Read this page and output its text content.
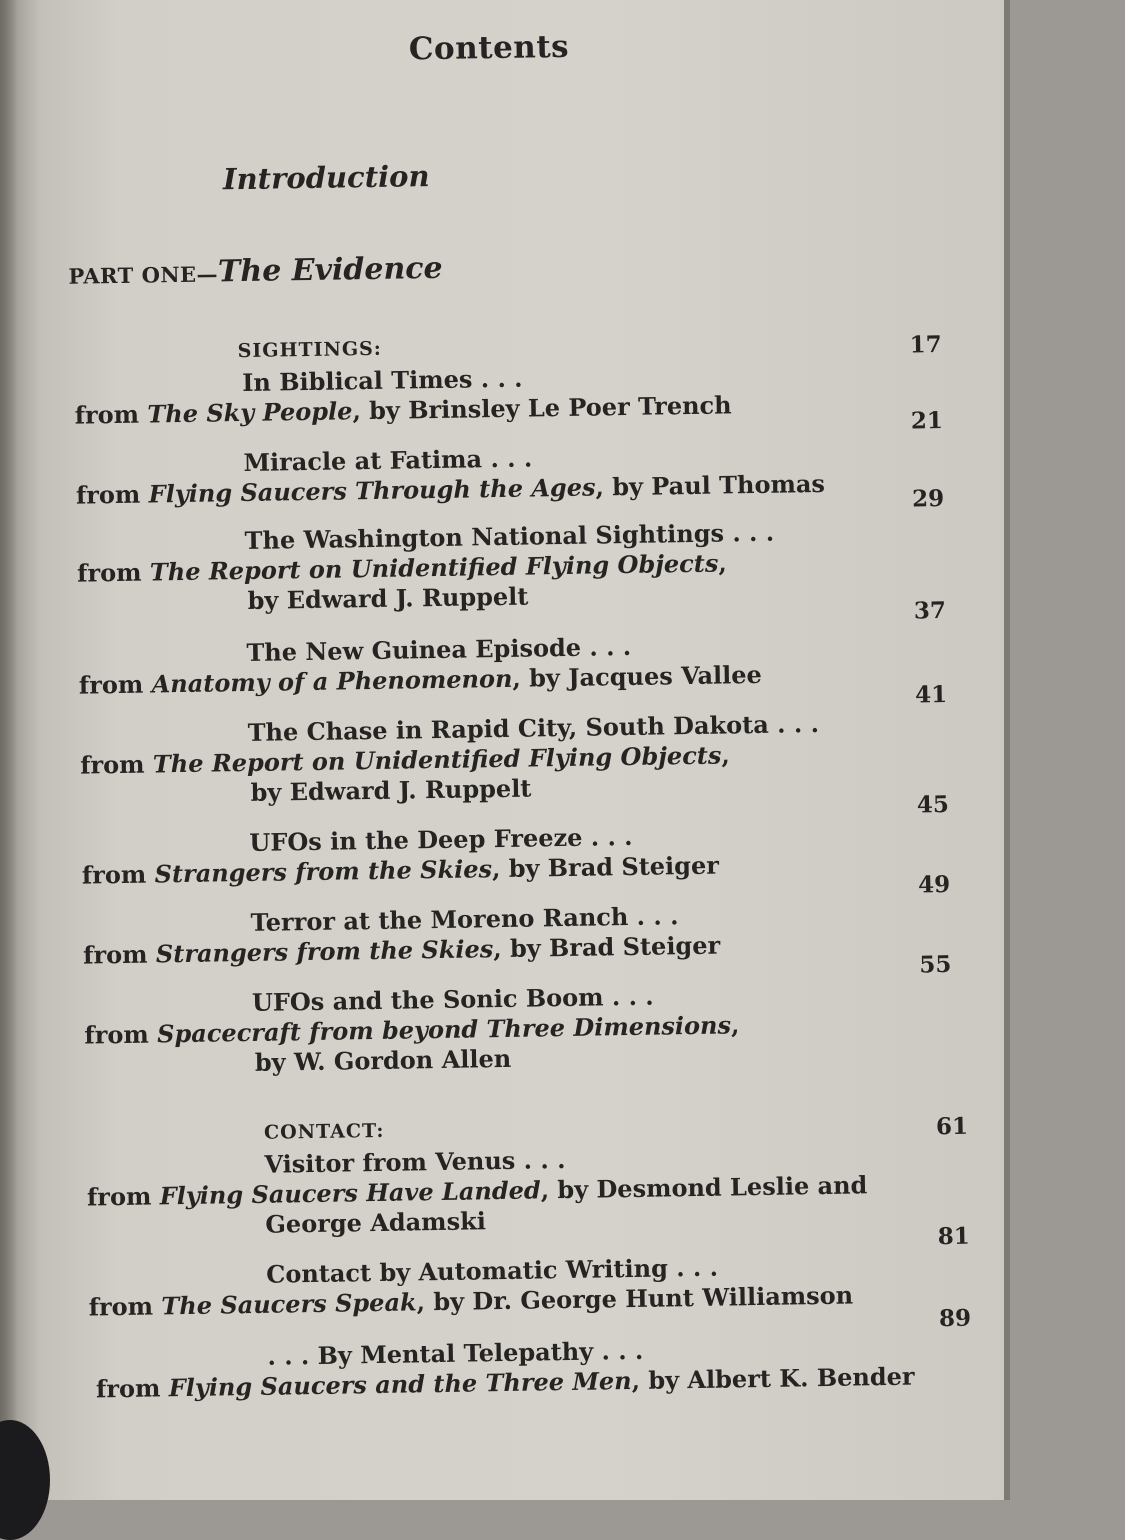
Contents
Introduction
PART ONE—The Evidence
SIGHTINGS:
In Biblical Times . . .
from The Sky People, by Brinsley Le Poer Trench
17
Miracle at Fatima . . .
from Flying Saucers Through the Ages, by Paul Thomas
21
The Washington National Sightings . . .
from The Report on Unidentified Flying Objects,
by Edward J. Ruppelt
29
The New Guinea Episode . . .
from Anatomy of a Phenomenon, by Jacques Vallee
37
The Chase in Rapid City, South Dakota . . .
from The Report on Unidentified Flying Objects,
by Edward J. Ruppelt
41
UFOs in the Deep Freeze . . .
from Strangers from the Skies, by Brad Steiger
45
Terror at the Moreno Ranch . . .
from Strangers from the Skies, by Brad Steiger
49
UFOs and the Sonic Boom . . .
from Spacecraft from beyond Three Dimensions,
by W. Gordon Allen
55
CONTACT:
Visitor from Venus . . .
from Flying Saucers Have Landed, by Desmond Leslie and
George Adamski
61
Contact by Automatic Writing . . .
from The Saucers Speak, by Dr. George Hunt Williamson
81
. . . By Mental Telepathy . . .
from Flying Saucers and the Three Men, by Albert K. Bender
89
